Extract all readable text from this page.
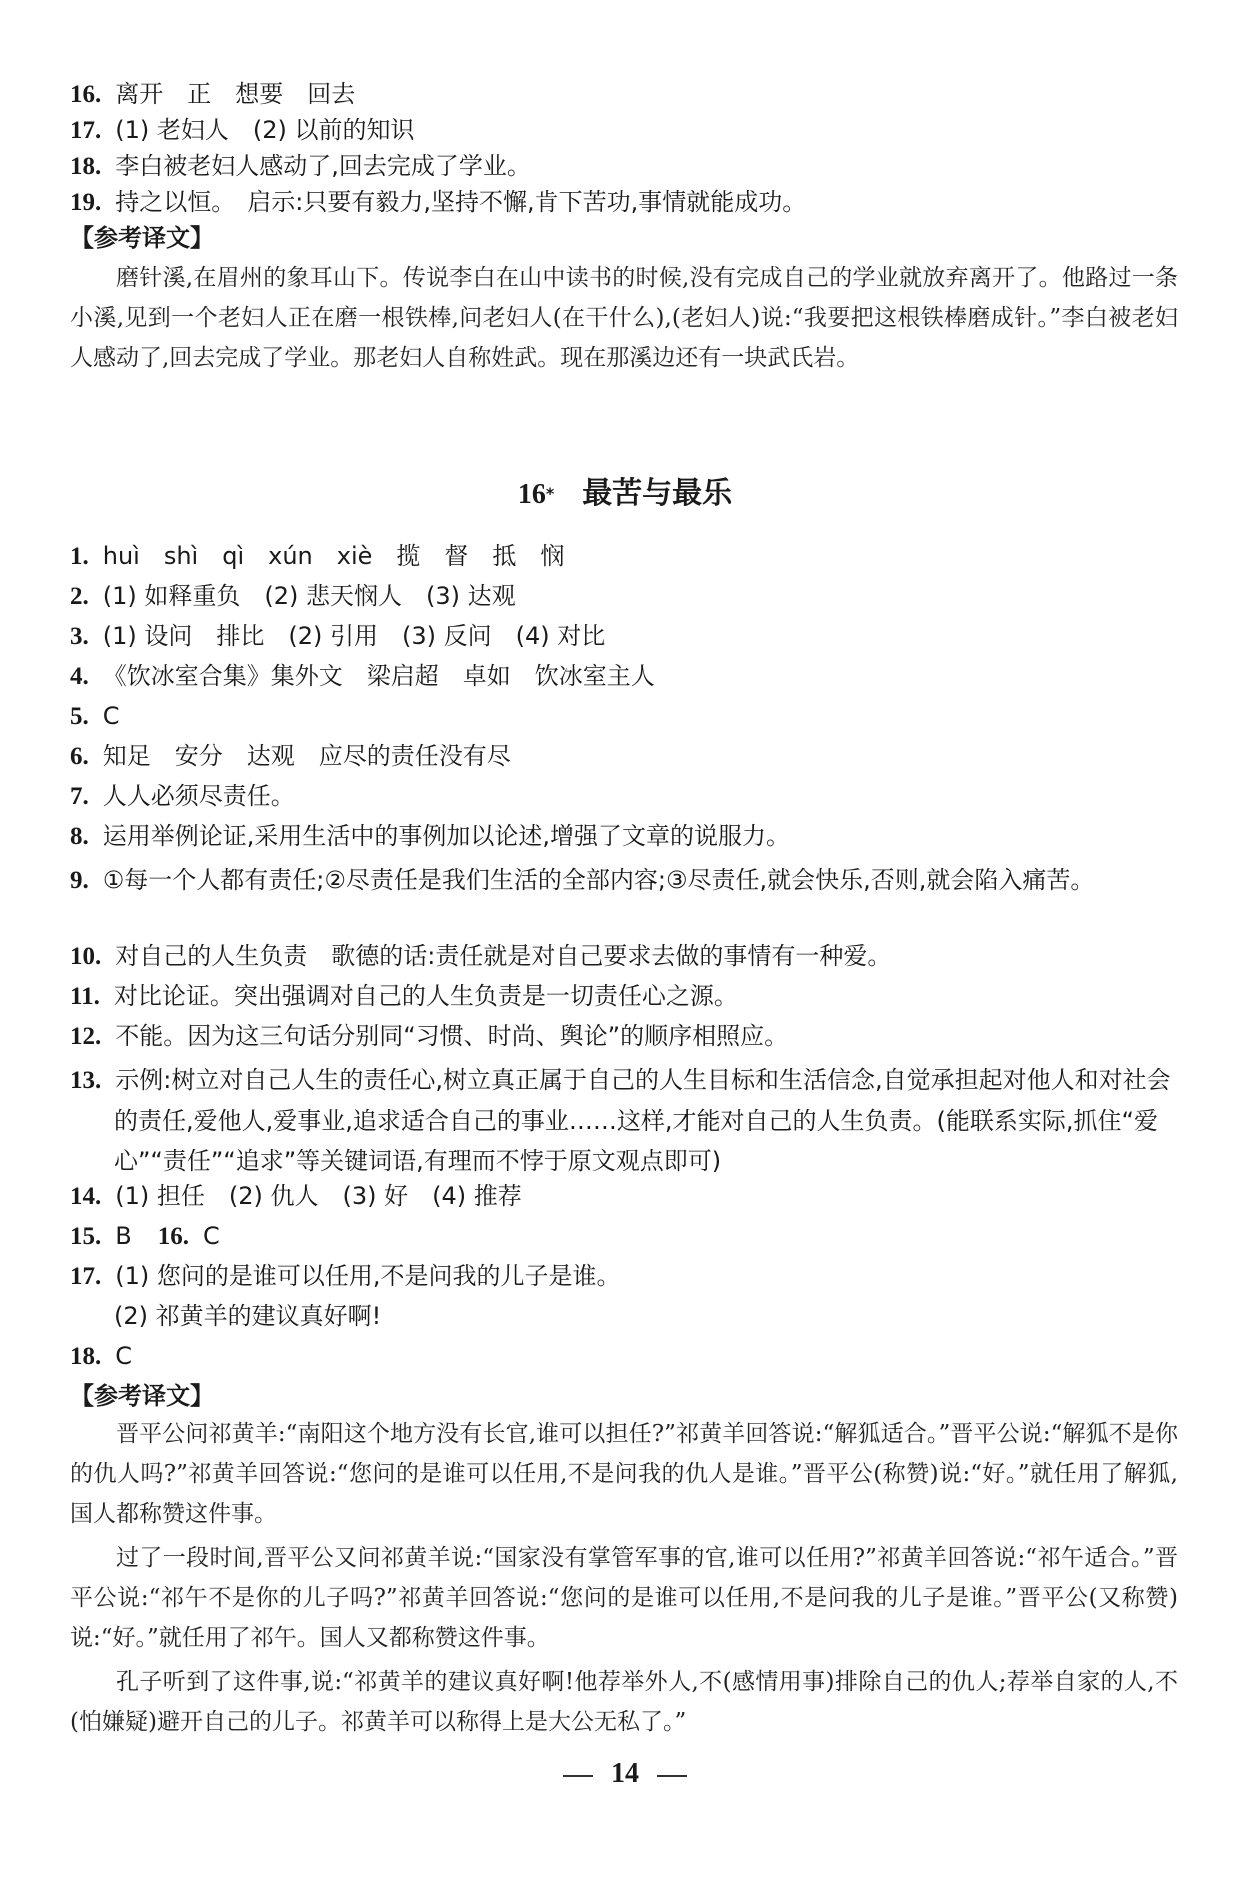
16. 离开　正　想要　回去
17. (1) 老妇人　(2) 以前的知识
18. 李白被老妇人感动了,回去完成了学业。
19. 持之以恒。　启示:只要有毅力,坚持不懈,肯下苦功,事情就能成功。
【参考译文】
磨针溪,在眉州的象耳山下。传说李白在山中读书的时候,没有完成自己的学业就放弃离开了。他路过一条小溪,见到一个老妇人正在磨一根铁棒,问老妇人(在干什么),(老妇人)说:“我要把这根铁棒磨成针。”李白被老妇人感动了,回去完成了学业。那老妇人自称姓武。现在那溪边还有一块武氏岩。
16* 最苦与最乐
1. huì　shì　qì　xún　xiè　揽　督　抵　悯
2. (1) 如释重负　(2) 悲天悯人　(3) 达观
3. (1) 设问　排比　(2) 引用　(3) 反问　(4) 对比
4. 《饮冰室合集》集外文　梁启超　卓如　饮冰室主人
5. C
6. 知足　安分　达观　应尽的责任没有尽
7. 人人必须尽责任。
8. 运用举例论证,采用生活中的事例加以论述,增强了文章的说服力。
9. ①每一个人都有责任;②尽责任是我们生活的全部内容;③尽责任,就会快乐,否则,就会陷入痛苦。
10. 对自己的人生负责　歌德的话:责任就是对自己要求去做的事情有一种爱。
11. 对比论证。突出强调对自己的人生负责是一切责任心之源。
12. 不能。因为这三句话分别同“习惯、时尚、舆论”的顺序相照应。
13. 示例:树立对自己人生的责任心,树立真正属于自己的人生目标和生活信念,自觉承担起对他人和对社会的责任,爱他人,爱事业,追求适合自己的事业……这样,才能对自己的人生负责。(能联系实际,抓住“爱心”“责任”“追求”等关键词语,有理而不悖于原文观点即可)
14. (1) 担任　(2) 仇人　(3) 好　(4) 推荐
15. B 16. C
17. (1) 您问的是谁可以任用,不是问我的儿子是谁。
(2) 祁黄羊的建议真好啊!
18. C
【参考译文】
晋平公问祁黄羊:“南阳这个地方没有长官,谁可以担任?”祁黄羊回答说:“解狐适合。”晋平公说:“解狐不是你的仇人吗?”祁黄羊回答说:“您问的是谁可以任用,不是问我的仇人是谁。”晋平公(称赞)说:“好。”就任用了解狐,国人都称赞这件事。
过了一段时间,晋平公又问祁黄羊说:“国家没有掌管军事的官,谁可以任用?”祁黄羊回答说:“祁午适合。”晋平公说:“祁午不是你的儿子吗?”祁黄羊回答说:“您问的是谁可以任用,不是问我的儿子是谁。”晋平公(又称赞)说:“好。”就任用了祁午。国人又都称赞这件事。
孔子听到了这件事,说:“祁黄羊的建议真好啊!他荐举外人,不(感情用事)排除自己的仇人;荐举自家的人,不(怕嫌疑)避开自己的儿子。祁黄羊可以称得上是大公无私了。”
14
